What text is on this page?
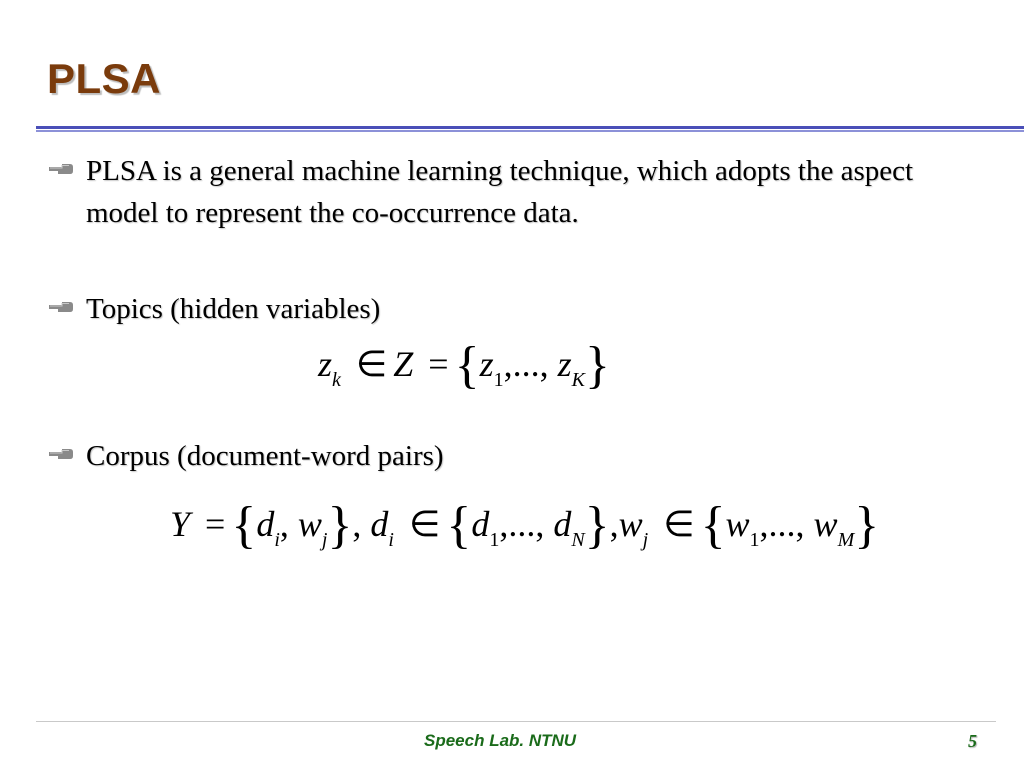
PLSA
PLSA is a general machine learning technique, which adopts the aspect model to represent the co-occurrence data.
Topics (hidden variables)
$z_k$ ∈ $Z = \{z_1$,..., $z_K$}
Corpus (document-word pairs)
$Y = \{d_i$, $w_j$}, $d_i$ ∈ {$d_1$,..., $d_N\},w_j$ ∈ {$w_1$,..., $w_M$}
Speech Lab. NTNU	5
